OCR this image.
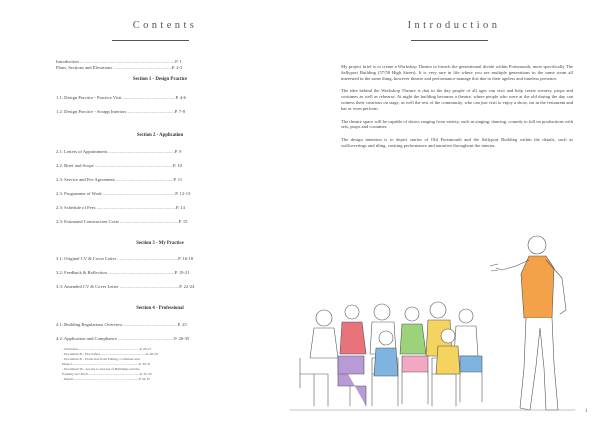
Contents
Introduction ...................................................................................P. 1
Plans, Sections and Elevations ...................................................P. 2-3
Section 1 - Design Practice
1.1: Design Practice - Practice Visit ..............................................P. 4-6
1.2: Design Practice - Scrapp Interiors .........................................P. 7-8
Section 2 - Application
2.1: Letters of Appointment ..........................................................P. 9
2.2: Brief and Scope ....................................................................P. 10
2.3: Service and Fee Agreement ..................................................P. 11
2.3: Programme of Work ...............................................................P. 12-13
2.3: Schedule of Fees .....................................................................P. 14
2.3: Estimated Construction Costs ...................................................P. 15
Section 3 - My Practice
3.1: Original CV & Cover Letter .....................................................P. 16-18
3.2: Feedback & Reflection ..........................................................P. 19-21
3.3: Amended CV & Cover Letter ....................................................P. 22-24
Section 4 - Professional
4.1: Building Regulations Overview ...............................................P. 25
4.2: Application and Compliance .................................................P. 26-35
- Overview.......................................................................P. 26-27
- Document B - Fire Safety.....................................................P. 28-29
- Document K - Protection from Falling, Collisions and
Impact.............................................................................P. 30-31
- Document M - Access to and use of Buildings and the
Equality Act 2010 ...........................................................P. 32-33
- Detail............................................................................P 34-35
Introduction

My project brief is to create a Workshop Theatre to breach the generational divide within Portsmouth, more specifically The Sallyport Building (57/58 High Street). It is very rare in life where you see multiple generations in the same room all interested in the same thing, however theatre and performance manage this due to their ageless and timeless presence.

The idea behind the Workshop Theatre is that in the day people of all ages can visit and help create scenery, props and costumes as well as rehearse. At night the building becomes a theatre, where people who were at the old during the day can witness their creations on stage, as well the rest of the community, who can just visit to enjoy a show, eat in the restaurant and bar or even perform.

The theatre space will be capable of shows ranging from variety, such as singing, dancing, comedy to full on productions with sets, props and costumes.

The design intention is to depict stories of Old Portsmouth and the Sallyport Building within the details, such as wallcoverings and tiling, creating performance and narrative throughout the interior.

1
